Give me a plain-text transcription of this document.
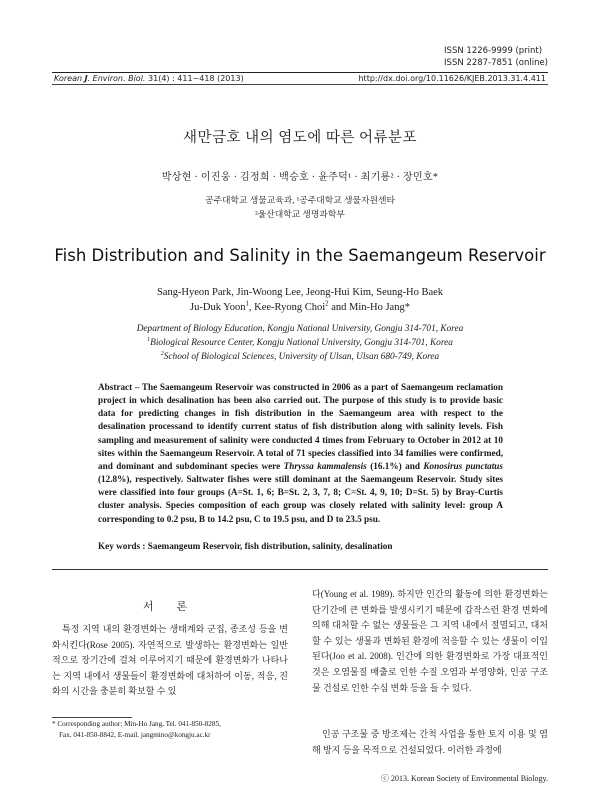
ISSN 1226-9999 (print)
ISSN 2287-7851 (online)
Korean J. Environ. Biol. 31(4) : 411~418 (2013)	http://dx.doi.org/10.11626/KJEB.2013.31.4.411
새만금호 내의 염도에 따른 어류분포
박상현 · 이진웅 · 김정희 · 백승호 · 윤주덕¹ · 최기룡² · 장민호*
공주대학교 생물교육과, ¹공주대학교 생물자원센타
²울산대학교 생명과학부
Fish Distribution and Salinity in the Saemangeum Reservoir
Sang-Hyeon Park, Jin-Woong Lee, Jeong-Hui Kim, Seung-Ho Baek
Ju-Duk Yoon$^1$, Kee-Ryong Choi$^2$ and Min-Ho Jang*
Department of Biology Education, Kongju National University, Gongju 314-701, Korea
$^1$Biological Resource Center, Kongju National University, Gongju 314-701, Korea
$^2$School of Biological Sciences, University of Ulsan, Ulsan 680-749, Korea
Abstract – The Saemangeum Reservoir was constructed in 2006 as a part of Saemangeum reclamation project in which desalination has been also carried out. The purpose of this study is to provide basic data for predicting changes in fish distribution in the Saemangeum area with respect to the desalination processand to identify current status of fish distribution along with salinity levels. Fish sampling and measurement of salinity were conducted 4 times from February to October in 2012 at 10 sites within the Saemangeum Reservoir. A total of 71 species classified into 34 families were confirmed, and dominant and subdominant species were Thryssa kammalensis (16.1%) and Konosirus punctatus (12.8%), respectively. Saltwater fishes were still dominant at the Saemangeum Reservoir. Study sites were classified into four groups (A=St. 1, 6; B=St. 2, 3, 7, 8; C=St. 4, 9, 10; D=St. 5) by Bray-Curtis cluster analysis. Species composition of each group was closely related with salinity level: group A corresponding to 0.2 psu, B to 14.2 psu, C to 19.5 psu, and D to 23.5 psu.
Key words : Saemangeum Reservoir, fish distribution, salinity, desalination
서 론
특정 지역 내의 환경변화는 생태계와 군집, 종조성 등을 변화시킨다(Rose 2005). 자연적으로 발생하는 환경변화는 일반적으로 장기간에 걸쳐 이루어지기 때문에 환경변화가 나타나는 지역 내에서 생물들이 환경변화에 대처하여 이동, 적응, 진화의 시간을 충분히 확보할 수 있
다(Young et al. 1989). 하지만 인간의 활동에 의한 환경변화는 단기간에 큰 변화를 발생시키기 때문에 갑작스런 환경 변화에 의해 대처할 수 없는 생물들은 그 지역 내에서 절멸되고, 대처할 수 있는 생물과 변화된 환경에 적응할 수 있는 생물이 이입된다(Joo et al. 2008). 인간에 의한 환경변화로 가장 대표적인 것은 오염물질 배출로 인한 수질 오염과 부영양화, 인공 구조물 건설로 인한 수심 변화 등을 들 수 있다.
인공 구조물 중 방조제는 간척 사업을 통한 토지 이용 및 염해 방지 등을 목적으로 건설되었다. 이러한 과정에
* Corresponding author: Min-Ho Jang, Tel. 041-850-8285,
Fax. 041-850-8842, E-mail. jangmino@kongju.ac.kr
ⓒ 2013. Korean Society of Environmental Biology.
